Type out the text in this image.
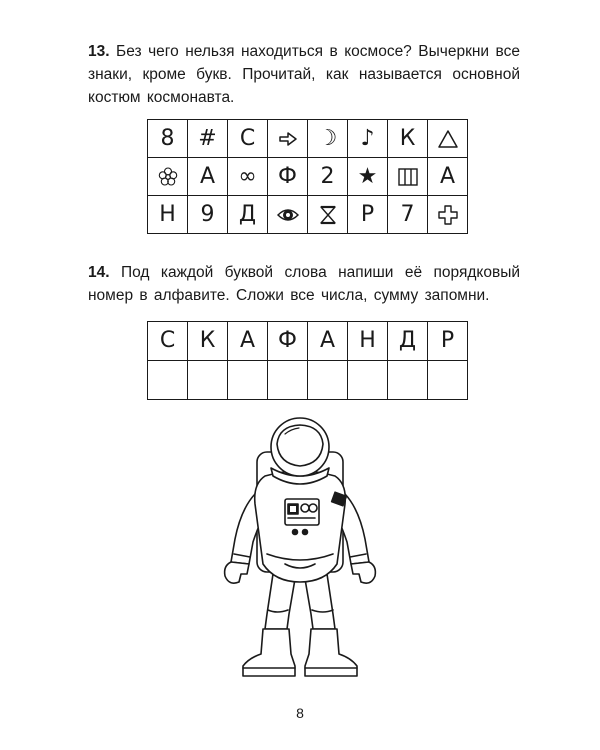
13. Без чего нельзя находиться в космосе? Вычеркни все знаки, кроме букв. Прочитай, как называется основной костюм космонавта.
8	#	С		☽	♪	К	

	А	∞	Ф	2	★		А
Н	9	Д			Р	7	
14. Под каждой буквой слова напиши её порядковый номер в алфавите. Сложи все числа, сумму запомни.
С	К	А	Ф	А	Н	Д	Р

8
